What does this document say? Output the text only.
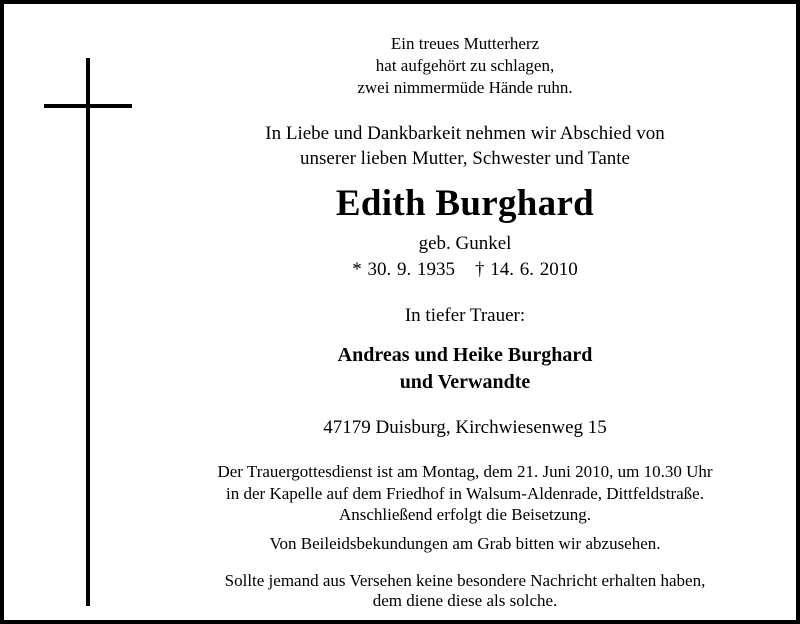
Ein treues Mutterherz
hat aufgehört zu schlagen,
zwei nimmermüde Hände ruhn.
In Liebe und Dankbarkeit nehmen wir Abschied von
unserer lieben Mutter, Schwester und Tante
Edith Burghard
geb. Gunkel
* 30. 9. 1935 † 14. 6. 2010
In tiefer Trauer:
Andreas und Heike Burghard
und Verwandte
47179 Duisburg, Kirchwiesenweg 15
Der Trauergottesdienst ist am Montag, dem 21. Juni 2010, um 10.30 Uhr
in der Kapelle auf dem Friedhof in Walsum-Aldenrade, Dittfeldstraße.
Anschließend erfolgt die Beisetzung.
Von Beileidsbekundungen am Grab bitten wir abzusehen.
Sollte jemand aus Versehen keine besondere Nachricht erhalten haben,
dem diene diese als solche.
